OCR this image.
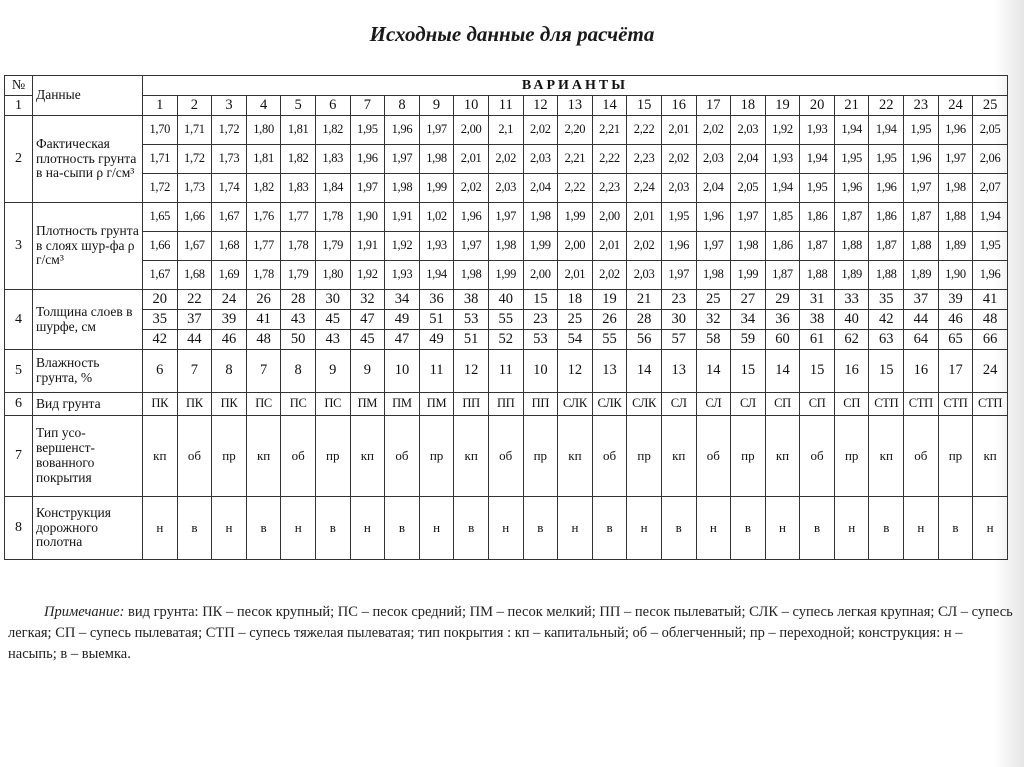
Исходные данные для расчёта
№	Данные	ВАРИАНТЫ																								
1		1	2	3	4	5	6	7	8	9	10	11	12	13	14	15	16	17	18	19	20	21	22	23	24	25
2	Фактическая плотность грунта в на-сыпи ρ г/см³	1,70	1,71	1,72	1,80	1,81	1,82	1,95	1,96	1,97	2,00	2,1	2,02	2,20	2,21	2,22	2,01	2,02	2,03	1,92	1,93	1,94	1,94	1,95	1,96	2,05
		1,71	1,72	1,73	1,81	1,82	1,83	1,96	1,97	1,98	2,01	2,02	2,03	2,21	2,22	2,23	2,02	2,03	2,04	1,93	1,94	1,95	1,95	1,96	1,97	2,06
		1,72	1,73	1,74	1,82	1,83	1,84	1,97	1,98	1,99	2,02	2,03	2,04	2,22	2,23	2,24	2,03	2,04	2,05	1,94	1,95	1,96	1,96	1,97	1,98	2,07
3	Плотность грунта в слоях шур-фа ρ г/см³	1,65	1,66	1,67	1,76	1,77	1,78	1,90	1,91	1,02	1,96	1,97	1,98	1,99	2,00	2,01	1,95	1,96	1,97	1,85	1,86	1,87	1,86	1,87	1,88	1,94
		1,66	1,67	1,68	1,77	1,78	1,79	1,91	1,92	1,93	1,97	1,98	1,99	2,00	2,01	2,02	1,96	1,97	1,98	1,86	1,87	1,88	1,87	1,88	1,89	1,95
		1,67	1,68	1,69	1,78	1,79	1,80	1,92	1,93	1,94	1,98	1,99	2,00	2,01	2,02	2,03	1,97	1,98	1,99	1,87	1,88	1,89	1,88	1,89	1,90	1,96
4	Толщина слоев в шурфе, см	20	22	24	26	28	30	32	34	36	38	40	15	18	19	21	23	25	27	29	31	33	35	37	39	41
		35	37	39	41	43	45	47	49	51	53	55	23	25	26	28	30	32	34	36	38	40	42	44	46	48
		42	44	46	48	50	43	45	47	49	51	52	53	54	55	56	57	58	59	60	61	62	63	64	65	66
5	Влажность грунта, %	6	7	8	7	8	9	9	10	11	12	11	10	12	13	14	13	14	15	14	15	16	15	16	17	24
6	Вид грунта	ПК	ПК	ПК	ПС	ПС	ПС	ПМ	ПМ	ПМ	ПП	ПП	ПП	СЛК	СЛК	СЛК	СЛ	СЛ	СЛ	СП	СП	СП	СТП	СТП	СТП	СТП
7	Тип усо-вершенст-вованного покрытия	кп	об	пр	кп	об	пр	кп	об	пр	кп	об	пр	кп	об	пр	кп	об	пр	кп	об	пр	кп	об	пр	кп
8	Конструкция дорожного полотна	н	в	н	в	н	в	н	в	н	в	н	в	н	в	н	в	н	в	н	в	н	в	н	в	н
Примечание: вид грунта: ПК – песок крупный; ПС – песок средний; ПМ – песок мелкий; ПП – песок пылеватый; СЛК – супесь легкая крупная; СЛ – супесь легкая; СП – супесь пылеватая; СТП – супесь тяжелая пылеватая; тип покрытия : кп – капитальный; об – облегченный; пр – переходной; конструкция: н – насыпь; в – выемка.
